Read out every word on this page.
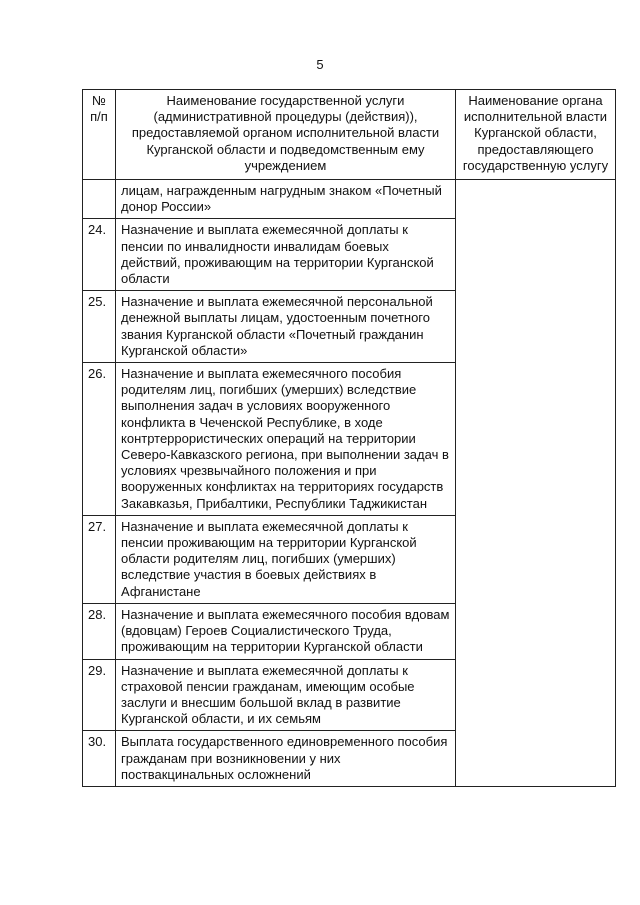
5
№ п/п	Наименование государственной услуги (административной процедуры (действия)), предоставляемой органом исполнительной власти Курганской области и подведомственным ему учреждением	Наименование органа исполнительной власти Курганской области, предоставляющего государственную услугу
	лицам, награжденным нагрудным знаком «Почетный донор России»	
24.	Назначение и выплата ежемесячной доплаты к пенсии по инвалидности инвалидам боевых действий, проживающим на территории Курганской области	
25.	Назначение и выплата ежемесячной персональной денежной выплаты лицам, удостоенным почетного звания Курганской области «Почетный гражданин Курганской области»	
26.	Назначение и выплата ежемесячного пособия родителям лиц, погибших (умерших) вследствие выполнения задач в условиях вооруженного конфликта в Чеченской Республике, в ходе контртеррористических операций на территории Северо-Кавказского региона, при выполнении задач в условиях чрезвычайного положения и при вооруженных конфликтах на территориях государств Закавказья, Прибалтики, Республики Таджикистан	
27.	Назначение и выплата ежемесячной доплаты к пенсии проживающим на территории Курганской области родителям лиц, погибших (умерших) вследствие участия в боевых действиях в Афганистане	
28.	Назначение и выплата ежемесячного пособия вдовам (вдовцам) Героев Социалистического Труда, проживающим на территории Курганской области	
29.	Назначение и выплата ежемесячной доплаты к страховой пенсии гражданам, имеющим особые заслуги и внесшим большой вклад в развитие Курганской области, и их семьям	
30.	Выплата государственного единовременного пособия гражданам при возникновении у них поствакцинальных осложнений	
